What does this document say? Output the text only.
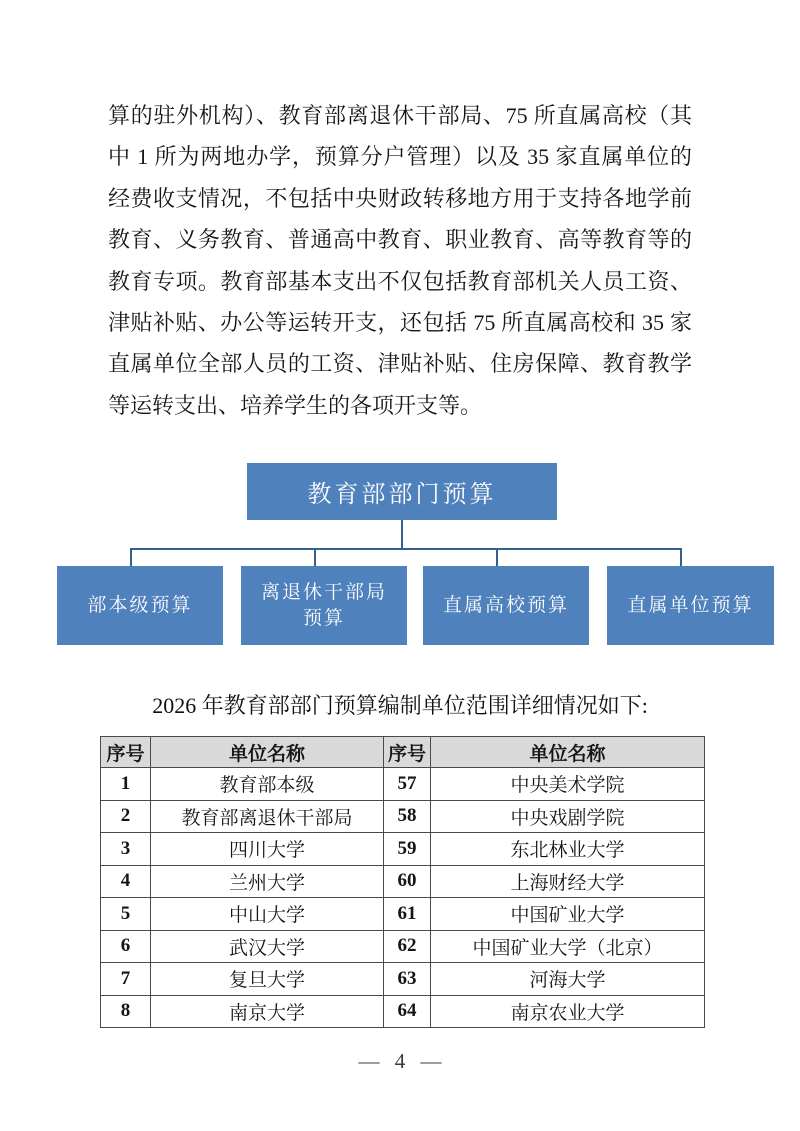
算的驻外机构）、教育部离退休干部局、75 所直属高校（其
中 1 所为两地办学，预算分户管理）以及 35 家直属单位的
经费收支情况，不包括中央财政转移地方用于支持各地学前
教育、义务教育、普通高中教育、职业教育、高等教育等的
教育专项。教育部基本支出不仅包括教育部机关人员工资、
津贴补贴、办公等运转开支，还包括 75 所直属高校和 35 家
直属单位全部人员的工资、津贴补贴、住房保障、教育教学
等运转支出、培养学生的各项开支等。
教育部部门预算
部本级预算
离退休干部局预算
直属高校预算	直属单位预算
2026 年教育部部门预算编制单位范围详细情况如下:
序号	单位名称	序号	单位名称
1	教育部本级	57	中央美术学院
2	教育部离退休干部局	58	中央戏剧学院
3	四川大学	59	东北林业大学
4	兰州大学	60	上海财经大学
5	中山大学	61	中国矿业大学
6	武汉大学	62	中国矿业大学（北京）
7	复旦大学	63	河海大学
8	南京大学	64	南京农业大学
— 4 —
